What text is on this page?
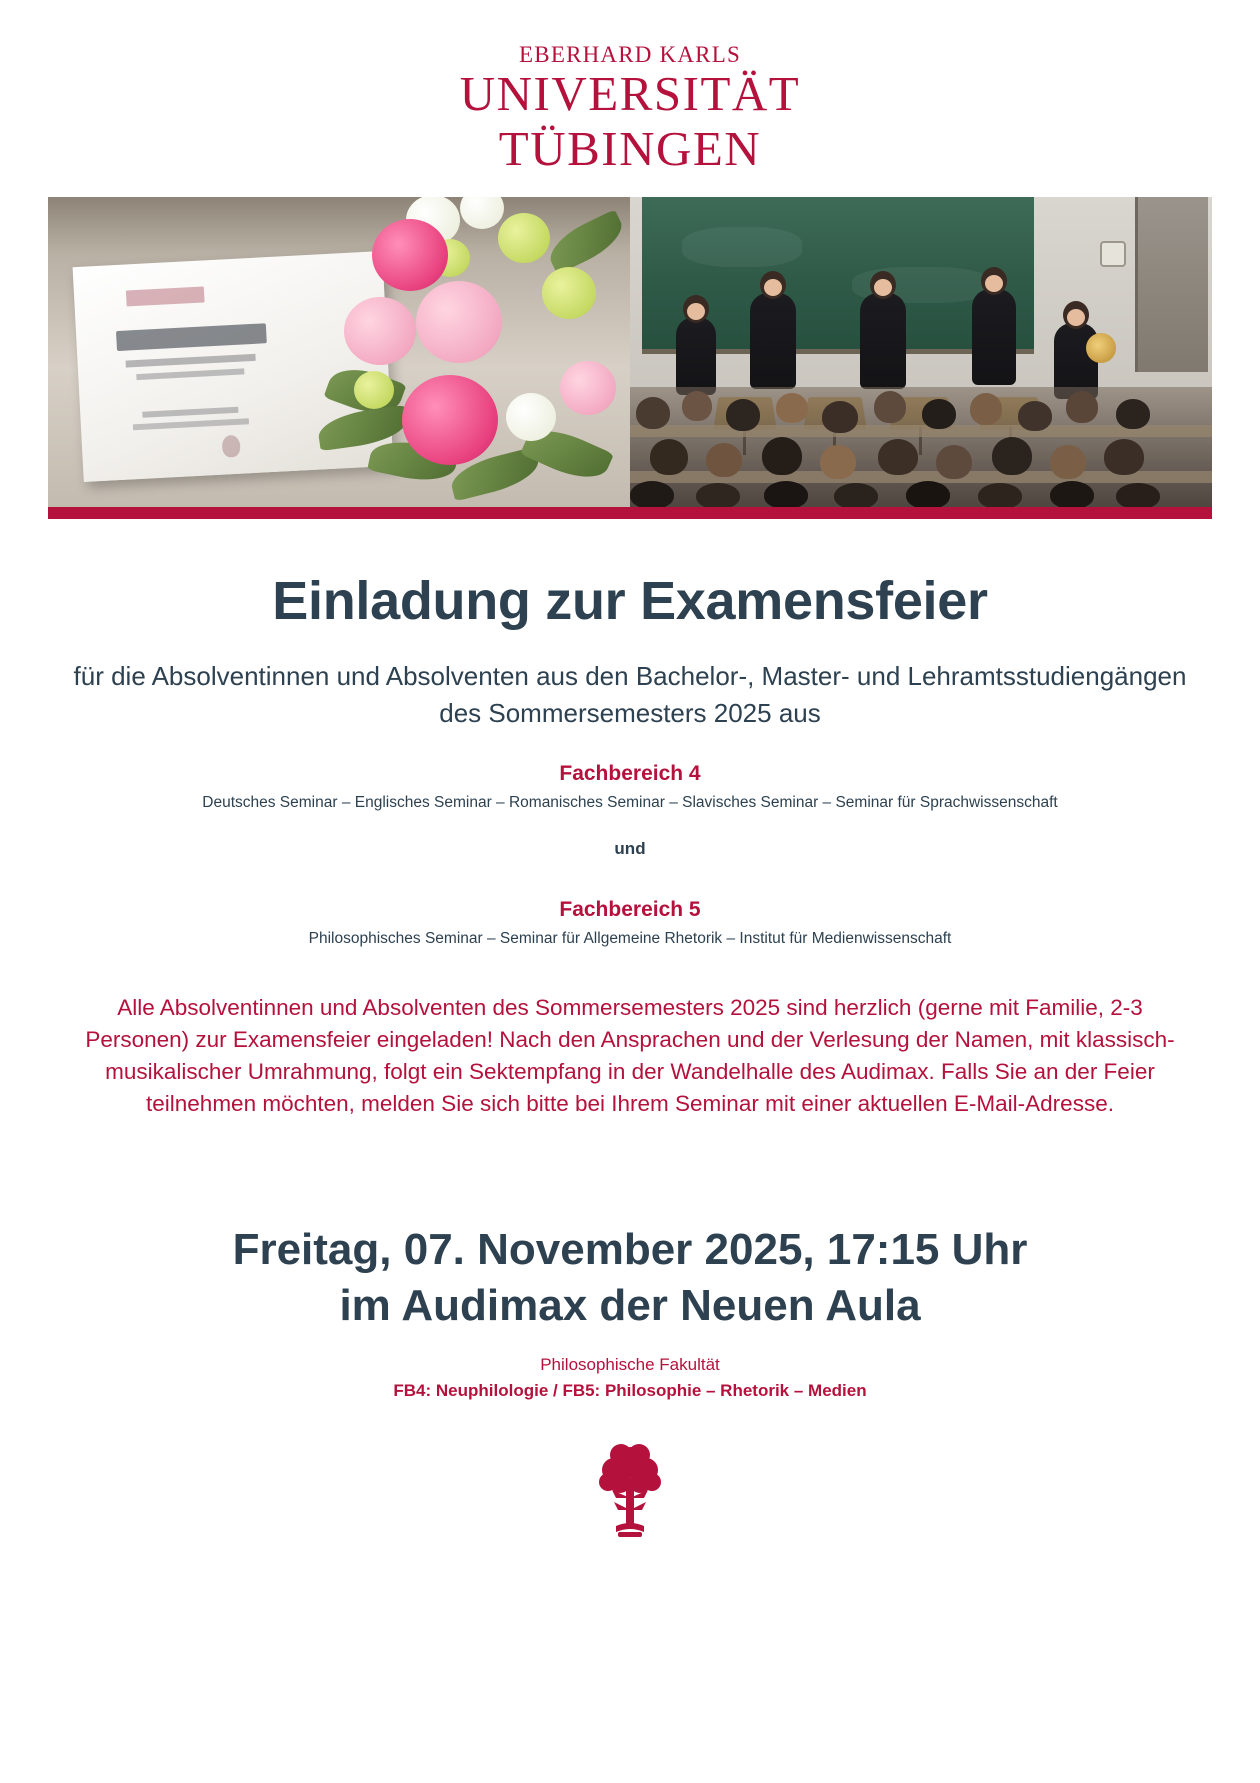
EBERHARD KARLS
UNIVERSITÄT
TÜBINGEN
Einladung zur Examensfeier
für die Absolventinnen und Absolventen aus den Bachelor-, Master- und Lehramtsstudiengängen des Sommersemesters 2025 aus
Fachbereich 4
Deutsches Seminar – Englisches Seminar – Romanisches Seminar – Slavisches Seminar – Seminar für Sprachwissenschaft
und
Fachbereich 5
Philosophisches Seminar – Seminar für Allgemeine Rhetorik – Institut für Medienwissenschaft
Alle Absolventinnen und Absolventen des Sommersemesters 2025 sind herzlich (gerne mit Familie, 2-3 Personen) zur Examensfeier eingeladen! Nach den Ansprachen und der Verlesung der Namen, mit klassisch-musikalischer Umrahmung, folgt ein Sektempfang in der Wandelhalle des Audimax. Falls Sie an der Feier teilnehmen möchten, melden Sie sich bitte bei Ihrem Seminar mit einer aktuellen E-Mail-Adresse.
Freitag, 07. November 2025, 17:15 Uhr
im Audimax der Neuen Aula
Philosophische Fakultät
FB4: Neuphilologie / FB5: Philosophie – Rhetorik – Medien
